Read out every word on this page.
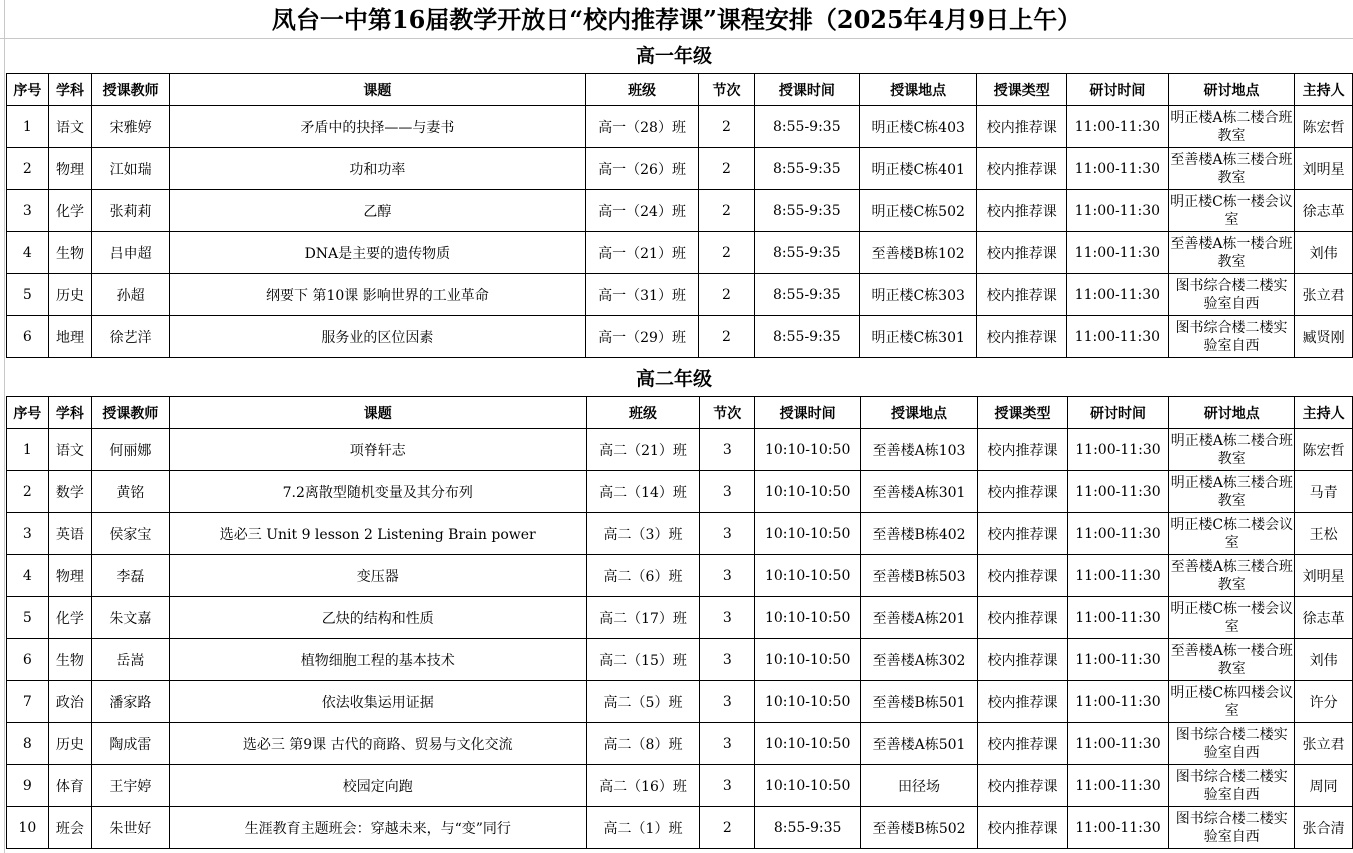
凤台一中第16届教学开放日“校内推荐课”课程安排（2025年4月9日上午）
高一年级
序号	学科	授课教师	课题	班级	节次	授课时间	授课地点	授课类型	研讨时间	研讨地点	主持人
1	语文	宋雅婷	矛盾中的抉择——与妻书	高一（28）班	2	8:55-9:35	明正楼C栋403	校内推荐课	11:00-11:30	明正楼A栋二楼合班教室	陈宏哲
2	物理	江如瑞	功和功率	高一（26）班	2	8:55-9:35	明正楼C栋401	校内推荐课	11:00-11:30	至善楼A栋三楼合班教室	刘明星
3	化学	张莉莉	乙醇	高一（24）班	2	8:55-9:35	明正楼C栋502	校内推荐课	11:00-11:30	明正楼C栋一楼会议室	徐志革
4	生物	吕申超	DNA是主要的遗传物质	高一（21）班	2	8:55-9:35	至善楼B栋102	校内推荐课	11:00-11:30	至善楼A栋一楼合班教室	刘伟
5	历史	孙超	纲要下 第10课 影响世界的工业革命	高一（31）班	2	8:55-9:35	明正楼C栋303	校内推荐课	11:00-11:30	图书综合楼二楼实验室自西	张立君
6	地理	徐艺洋	服务业的区位因素	高一（29）班	2	8:55-9:35	明正楼C栋301	校内推荐课	11:00-11:30	图书综合楼二楼实验室自西	臧贤刚
高二年级
序号	学科	授课教师	课题	班级	节次	授课时间	授课地点	授课类型	研讨时间	研讨地点	主持人
1	语文	何丽娜	项脊轩志	高二（21）班	3	10:10-10:50	至善楼A栋103	校内推荐课	11:00-11:30	明正楼A栋二楼合班教室	陈宏哲
2	数学	黄铭	7.2离散型随机变量及其分布列	高二（14）班	3	10:10-10:50	至善楼A栋301	校内推荐课	11:00-11:30	明正楼A栋三楼合班教室	马青
3	英语	侯家宝	选必三 Unit 9 lesson 2 Listening Brain power	高二（3）班	3	10:10-10:50	至善楼B栋402	校内推荐课	11:00-11:30	明正楼C栋二楼会议室	王松
4	物理	李磊	变压器	高二（6）班	3	10:10-10:50	至善楼B栋503	校内推荐课	11:00-11:30	至善楼A栋三楼合班教室	刘明星
5	化学	朱文嘉	乙炔的结构和性质	高二（17）班	3	10:10-10:50	至善楼A栋201	校内推荐课	11:00-11:30	明正楼C栋一楼会议室	徐志革
6	生物	岳嵩	植物细胞工程的基本技术	高二（15）班	3	10:10-10:50	至善楼A栋302	校内推荐课	11:00-11:30	至善楼A栋一楼合班教室	刘伟
7	政治	潘家路	依法收集运用证据	高二（5）班	3	10:10-10:50	至善楼B栋501	校内推荐课	11:00-11:30	明正楼C栋四楼会议室	许分
8	历史	陶成雷	选必三 第9课 古代的商路、贸易与文化交流	高二（8）班	3	10:10-10:50	至善楼A栋501	校内推荐课	11:00-11:30	图书综合楼二楼实验室自西	张立君
9	体育	王宇婷	校园定向跑	高二（16）班	3	10:10-10:50	田径场	校内推荐课	11:00-11:30	图书综合楼二楼实验室自西	周同
10	班会	朱世好	生涯教育主题班会：穿越未来，与“变”同行	高二（1）班	2	8:55-9:35	至善楼B栋502	校内推荐课	11:00-11:30	图书综合楼二楼实验室自西	张合清
